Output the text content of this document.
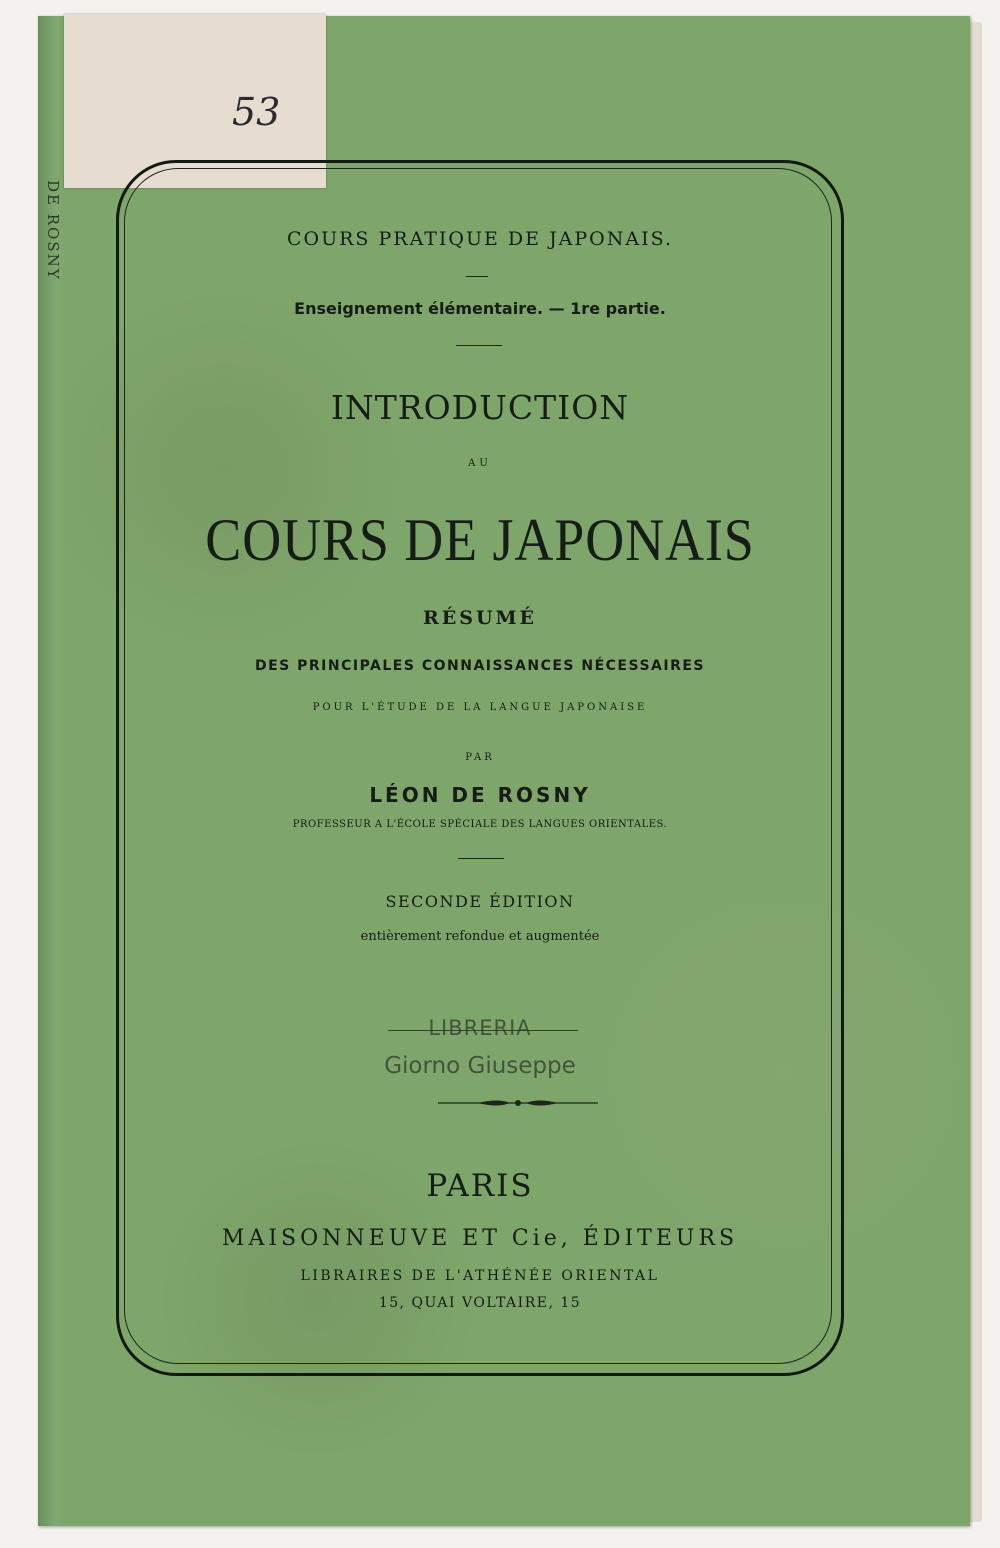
DE ROSNY
53
COURS PRATIQUE DE JAPONAIS.
Enseignement élémentaire. — 1re partie.
INTRODUCTION
AU
COURS DE JAPONAIS
RÉSUMÉ
DES PRINCIPALES CONNAISSANCES NÉCESSAIRES
POUR L'ÉTUDE DE LA LANGUE JAPONAISE
PAR
LÉON DE ROSNY
PROFESSEUR A L'ÉCOLE SPÉCIALE DES LANGUES ORIENTALES.
SECONDE ÉDITION
entièrement refondue et augmentée
LIBRERIA
Giorno Giuseppe
PARIS
MAISONNEUVE ET Cie, ÉDITEURS
LIBRAIRES DE L'ATHÉNÉE ORIENTAL
15, QUAI VOLTAIRE, 15
